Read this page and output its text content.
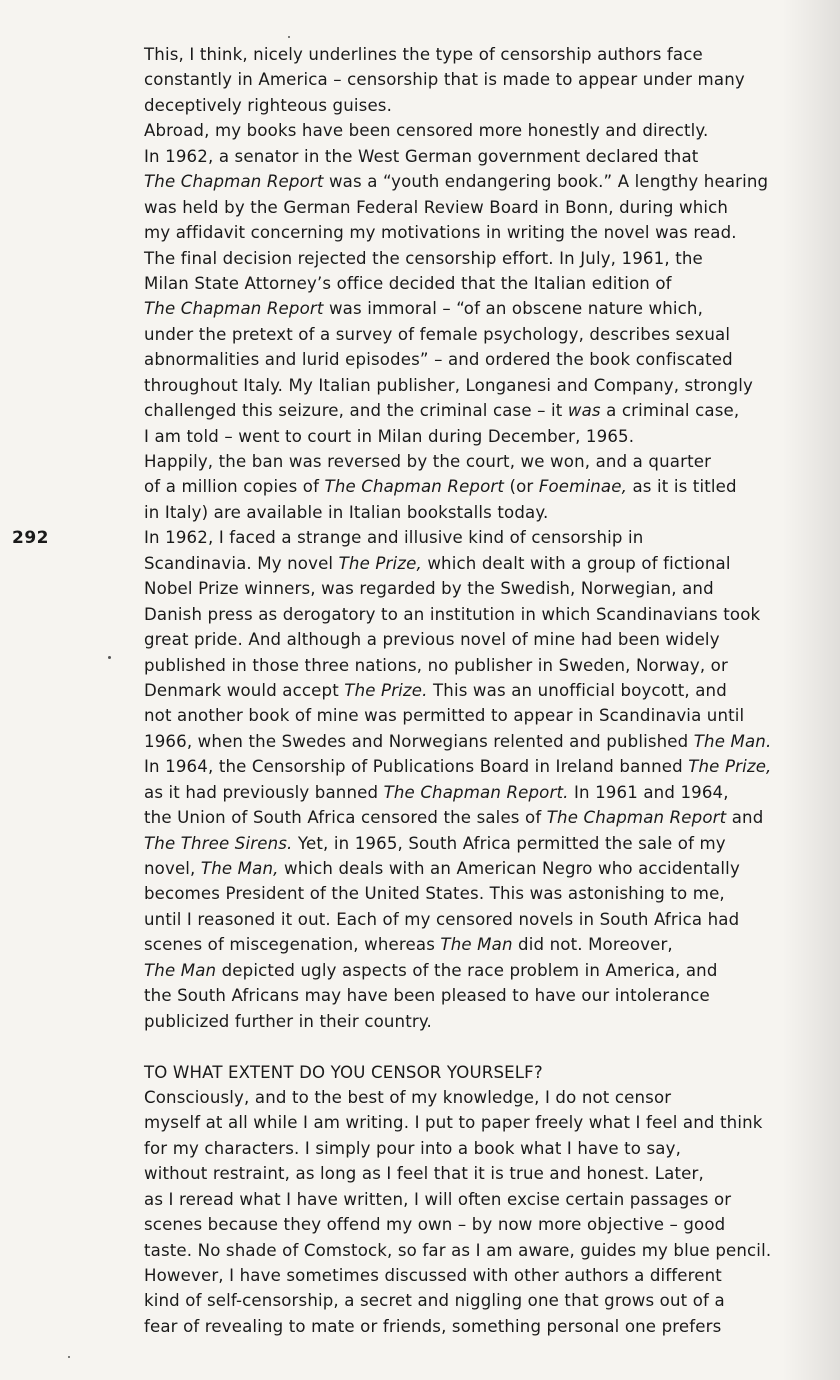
292
This, I think, nicely underlines the type of censorship authors face
constantly in America – censorship that is made to appear under many
deceptively righteous guises.
Abroad, my books have been censored more honestly and directly.
In 1962, a senator in the West German government declared that
The Chapman Report was a “youth endangering book.” A lengthy hearing
was held by the German Federal Review Board in Bonn, during which
my affidavit concerning my motivations in writing the novel was read.
The final decision rejected the censorship effort. In July, 1961, the
Milan State Attorney’s office decided that the Italian edition of
The Chapman Report was immoral – “of an obscene nature which,
under the pretext of a survey of female psychology, describes sexual
abnormalities and lurid episodes” – and ordered the book confiscated
throughout Italy. My Italian publisher, Longanesi and Company, strongly
challenged this seizure, and the criminal case – it was a criminal case,
I am told – went to court in Milan during December, 1965.
Happily, the ban was reversed by the court, we won, and a quarter
of a million copies of The Chapman Report (or Foeminae, as it is titled
in Italy) are available in Italian bookstalls today.
In 1962, I faced a strange and illusive kind of censorship in
Scandinavia. My novel The Prize, which dealt with a group of fictional
Nobel Prize winners, was regarded by the Swedish, Norwegian, and
Danish press as derogatory to an institution in which Scandinavians took
great pride. And although a previous novel of mine had been widely
published in those three nations, no publisher in Sweden, Norway, or
Denmark would accept The Prize. This was an unofficial boycott, and
not another book of mine was permitted to appear in Scandinavia until
1966, when the Swedes and Norwegians relented and published The Man.
In 1964, the Censorship of Publications Board in Ireland banned The Prize,
as it had previously banned The Chapman Report. In 1961 and 1964,
the Union of South Africa censored the sales of The Chapman Report and
The Three Sirens. Yet, in 1965, South Africa permitted the sale of my
novel, The Man, which deals with an American Negro who accidentally
becomes President of the United States. This was astonishing to me,
until I reasoned it out. Each of my censored novels in South Africa had
scenes of miscegenation, whereas The Man did not. Moreover,
The Man depicted ugly aspects of the race problem in America, and
the South Africans may have been pleased to have our intolerance
publicized further in their country.
TO WHAT EXTENT DO YOU CENSOR YOURSELF?
Consciously, and to the best of my knowledge, I do not censor
myself at all while I am writing. I put to paper freely what I feel and think
for my characters. I simply pour into a book what I have to say,
without restraint, as long as I feel that it is true and honest. Later,
as I reread what I have written, I will often excise certain passages or
scenes because they offend my own – by now more objective – good
taste. No shade of Comstock, so far as I am aware, guides my blue pencil.
However, I have sometimes discussed with other authors a different
kind of self-censorship, a secret and niggling one that grows out of a
fear of revealing to mate or friends, something personal one prefers
